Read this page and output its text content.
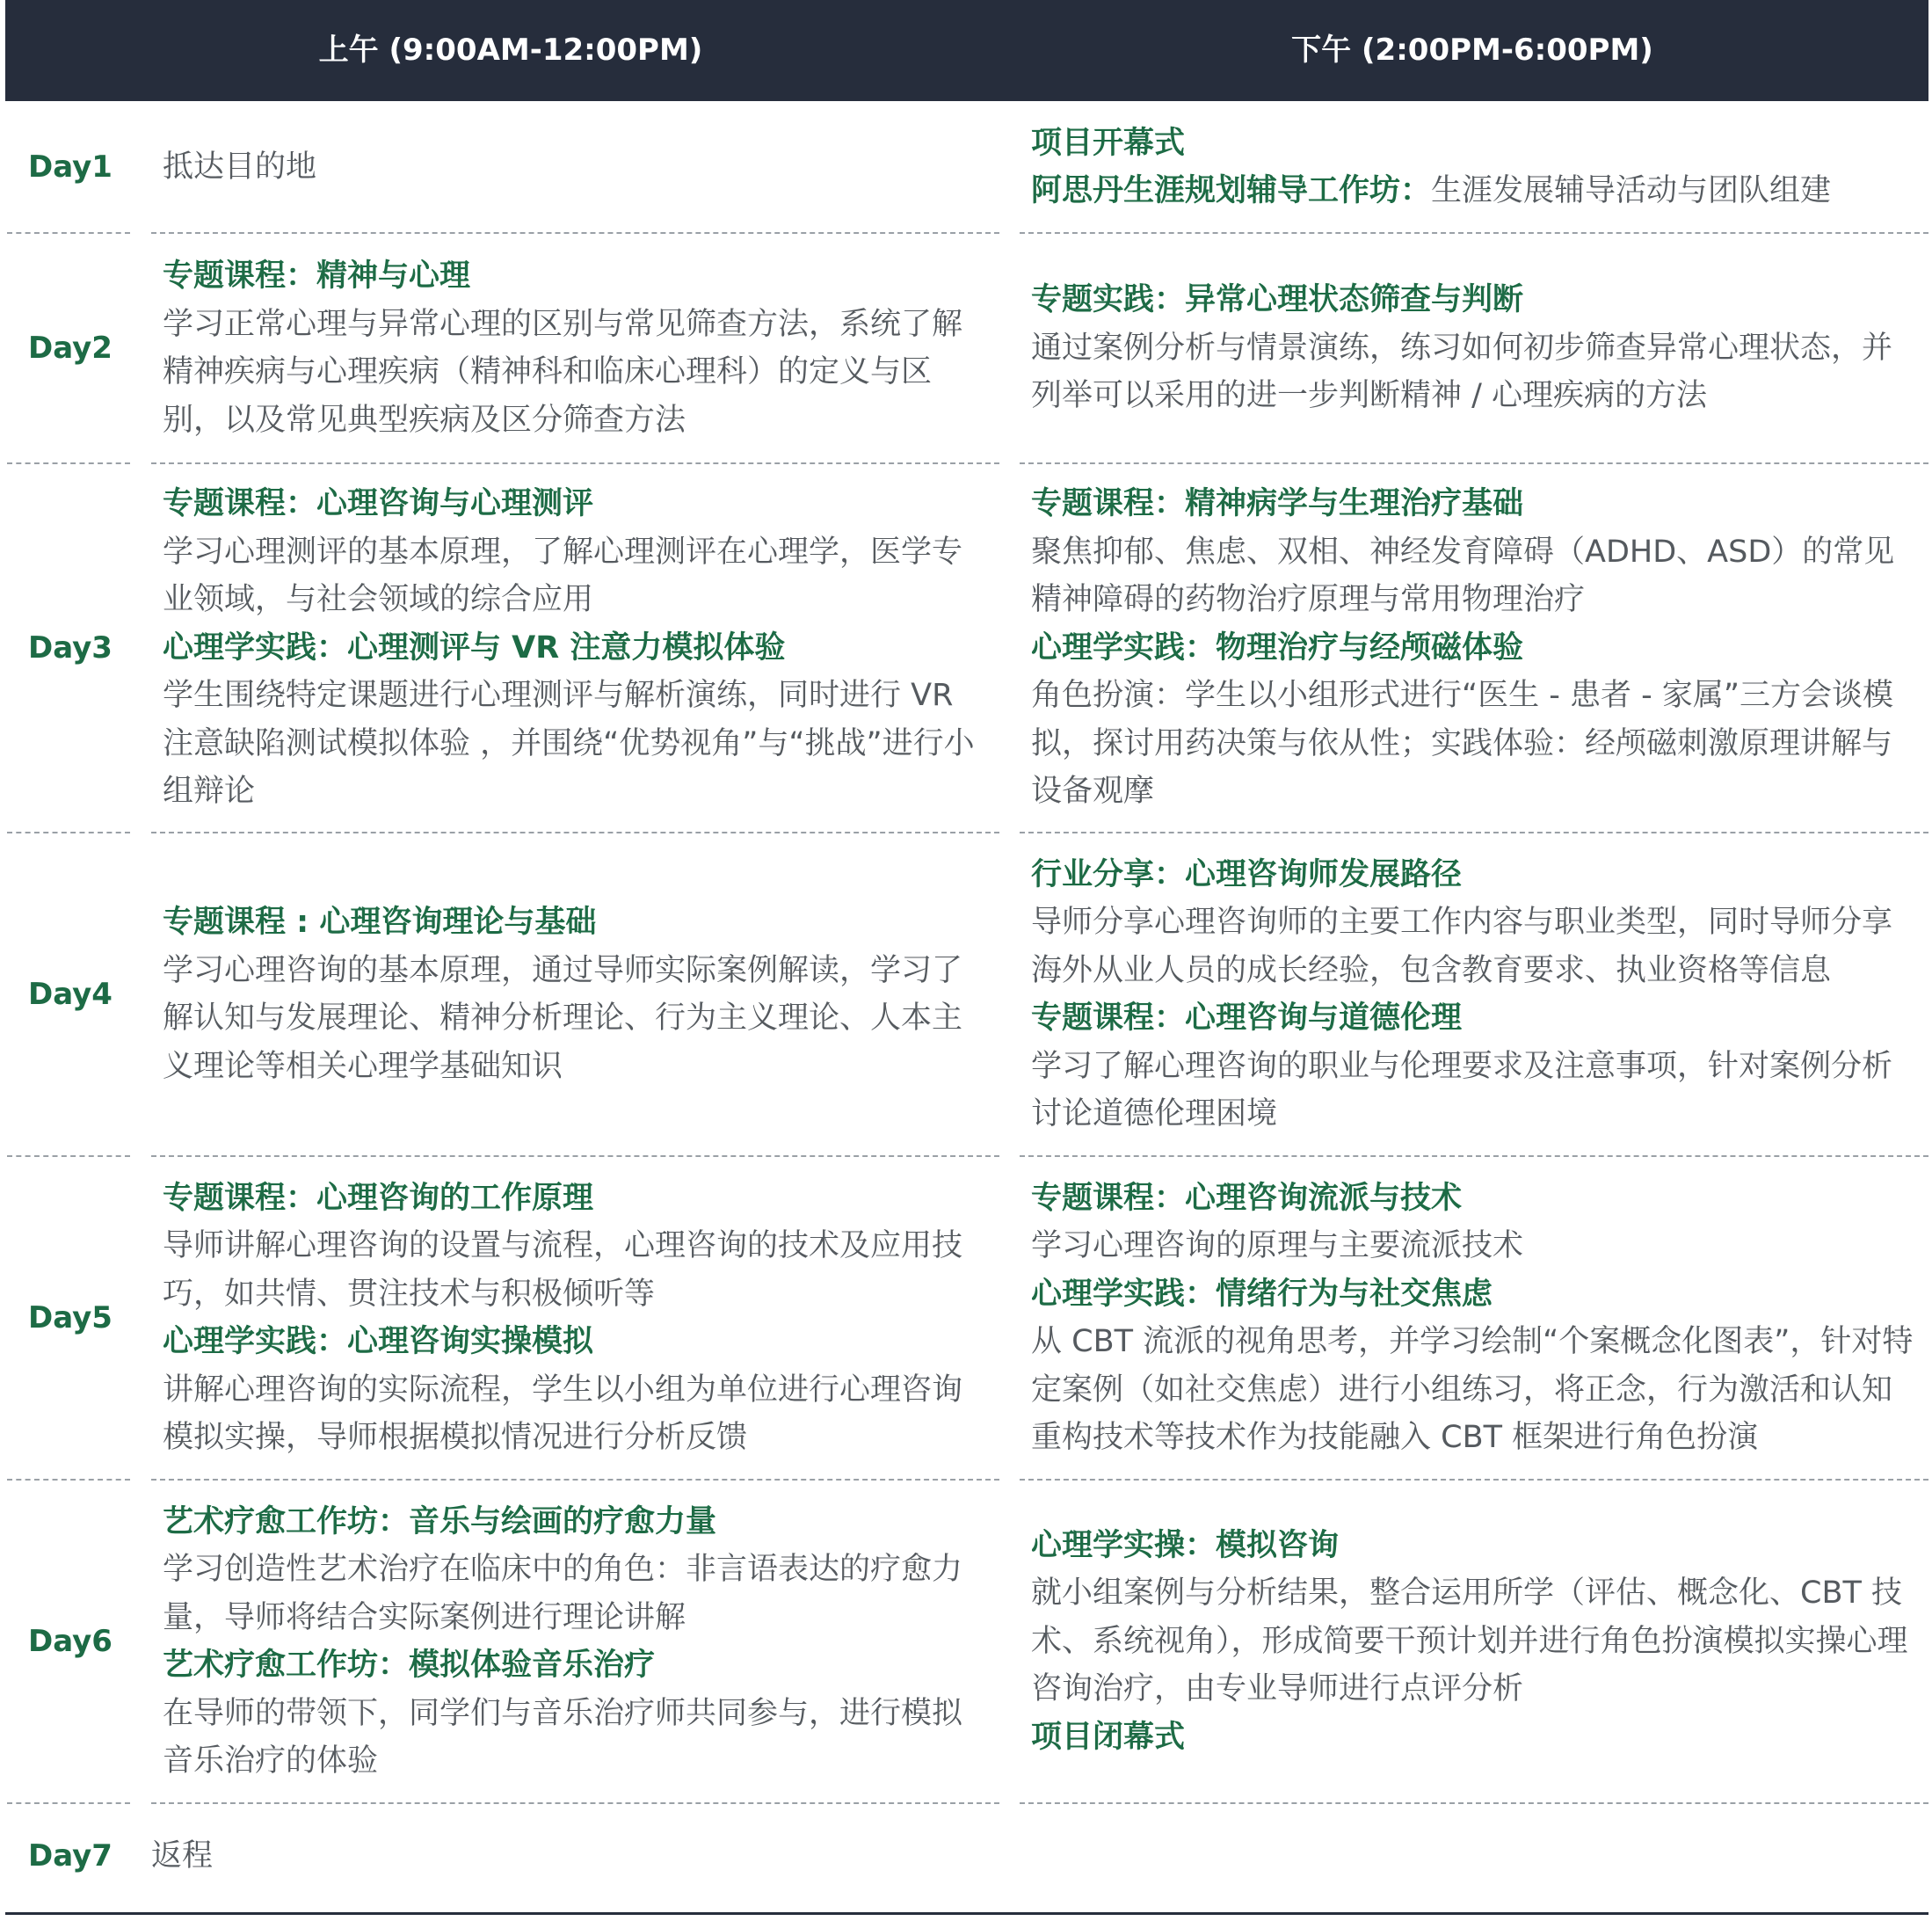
上午 (9:00AM-12:00PM)	下午 (2:00PM-6:00PM)
Day1 抵达目的地
项目开幕式
阿思丹生涯规划辅导工作坊：生涯发展辅导活动与团队组建
Day2
专题课程：精神与心理
学习正常心理与异常心理的区别与常见筛查方法，系统了解精神疾病与心理疾病（精神科和临床心理科）的定义与区别，以及常见典型疾病及区分筛查方法
专题实践：异常心理状态筛查与判断
通过案例分析与情景演练，练习如何初步筛查异常心理状态，并列举可以采用的进一步判断精神 / 心理疾病的方法
Day3
专题课程：心理咨询与心理测评
学习心理测评的基本原理，了解心理测评在心理学，医学专业领域，与社会领域的综合应用
心理学实践：心理测评与 VR 注意力模拟体验
学生围绕特定课题进行心理测评与解析演练，同时进行 VR 注意缺陷测试模拟体验 ，并围绕“优势视角”与“挑战”进行小组辩论
专题课程：精神病学与生理治疗基础
聚焦抑郁、焦虑、双相、神经发育障碍（ADHD、ASD）的常见精神障碍的药物治疗原理与常用物理治疗
心理学实践：物理治疗与经颅磁体验
角色扮演：学生以小组形式进行“医生 - 患者 - 家属”三方会谈模拟，探讨用药决策与依从性；实践体验：经颅磁刺激原理讲解与设备观摩
Day4
专题课程 : 心理咨询理论与基础
学习心理咨询的基本原理，通过导师实际案例解读，学习了解认知与发展理论、精神分析理论、行为主义理论、人本主义理论等相关心理学基础知识
行业分享：心理咨询师发展路径
导师分享心理咨询师的主要工作内容与职业类型，同时导师分享海外从业人员的成长经验，包含教育要求、执业资格等信息
专题课程：心理咨询与道德伦理
学习了解心理咨询的职业与伦理要求及注意事项，针对案例分析讨论道德伦理困境
Day5
专题课程：心理咨询的工作原理
导师讲解心理咨询的设置与流程，心理咨询的技术及应用技巧，如共情、贯注技术与积极倾听等
心理学实践：心理咨询实操模拟
讲解心理咨询的实际流程，学生以小组为单位进行心理咨询模拟实操，导师根据模拟情况进行分析反馈
专题课程：心理咨询流派与技术
学习心理咨询的原理与主要流派技术
心理学实践：情绪行为与社交焦虑
从 CBT 流派的视角思考，并学习绘制“个案概念化图表”，针对特定案例（如社交焦虑）进行小组练习，将正念，行为激活和认知重构技术等技术作为技能融入 CBT 框架进行角色扮演
Day6
艺术疗愈工作坊：音乐与绘画的疗愈力量
学习创造性艺术治疗在临床中的角色：非言语表达的疗愈力量，导师将结合实际案例进行理论讲解
艺术疗愈工作坊：模拟体验音乐治疗
在导师的带领下，同学们与音乐治疗师共同参与，进行模拟音乐治疗的体验
心理学实操：模拟咨询
就小组案例与分析结果，整合运用所学（评估、概念化、CBT 技术、系统视角），形成简要干预计划并进行角色扮演模拟实操心理咨询治疗，由专业导师进行点评分析
项目闭幕式
Day7 返程
